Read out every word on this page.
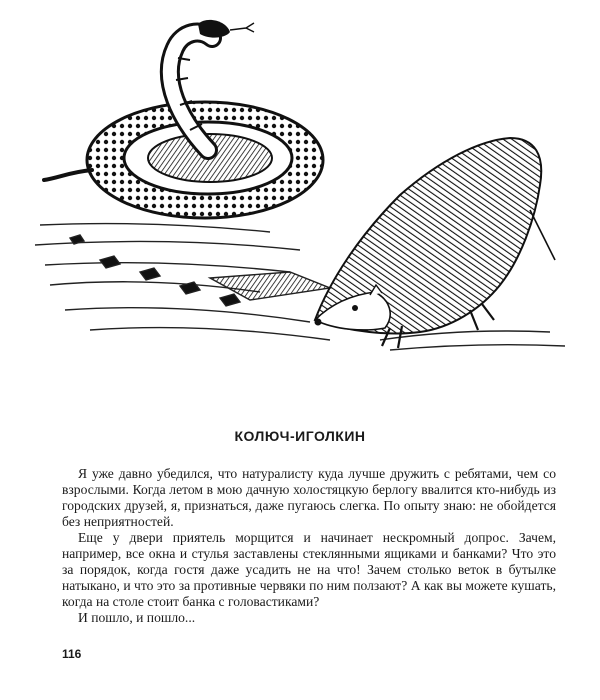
КОЛЮЧ-ИГОЛКИН

Я уже давно убедился, что натуралисту куда лучше дружить с ребятами, чем со взрослыми. Когда летом в мою дачную холостяцкую берлогу ввалится кто-нибудь из городских друзей, я, признаться, даже пугаюсь слегка. По опыту знаю: не обойдется без неприятностей.

Еще у двери приятель морщится и начинает нескромный допрос. Зачем, например, все окна и стулья заставлены стеклянными ящиками и банками? Что это за порядок, когда гостя даже усадить не на что! Зачем столько веток в бутылке натыкано, и что это за противные червяки по ним ползают? А как вы можете кушать, когда на столе стоит банка с головастиками?

И пошло, и пошло...

116
